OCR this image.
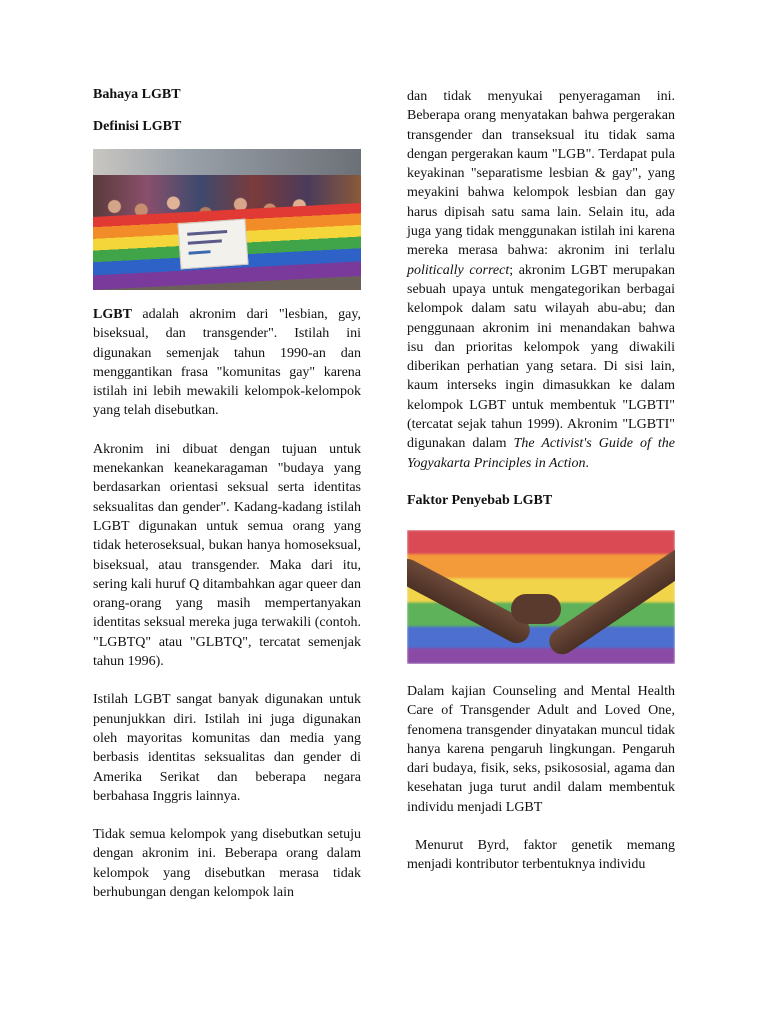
Bahaya LGBT
Definisi LGBT

LGBT adalah akronim dari "lesbian, gay, biseksual, dan transgender". Istilah ini digunakan semenjak tahun 1990-an dan menggantikan frasa "komunitas gay" karena istilah ini lebih mewakili kelompok-kelompok yang telah disebutkan.

Akronim ini dibuat dengan tujuan untuk menekankan keanekaragaman "budaya yang berdasarkan orientasi seksual serta identitas seksualitas dan gender". Kadang-kadang istilah LGBT digunakan untuk semua orang yang tidak heteroseksual, bukan hanya homoseksual, biseksual, atau transgender. Maka dari itu, sering kali huruf Q ditambahkan agar queer dan orang-orang yang masih mempertanyakan identitas seksual mereka juga terwakili (contoh. "LGBTQ" atau "GLBTQ", tercatat semenjak tahun 1996).

Istilah LGBT sangat banyak digunakan untuk penunjukkan diri. Istilah ini juga digunakan oleh mayoritas komunitas dan media yang berbasis identitas seksualitas dan gender di Amerika Serikat dan beberapa negara berbahasa Inggris lainnya.

Tidak semua kelompok yang disebutkan setuju dengan akronim ini. Beberapa orang dalam kelompok yang disebutkan merasa tidak berhubungan dengan kelompok lain

dan tidak menyukai penyeragaman ini. Beberapa orang menyatakan bahwa pergerakan transgender dan transeksual itu tidak sama dengan pergerakan kaum "LGB". Terdapat pula keyakinan "separatisme lesbian & gay", yang meyakini bahwa kelompok lesbian dan gay harus dipisah satu sama lain. Selain itu, ada juga yang tidak menggunakan istilah ini karena mereka merasa bahwa: akronim ini terlalu politically correct; akronim LGBT merupakan sebuah upaya untuk mengategorikan berbagai kelompok dalam satu wilayah abu-abu; dan penggunaan akronim ini menandakan bahwa isu dan prioritas kelompok yang diwakili diberikan perhatian yang setara. Di sisi lain, kaum interseks ingin dimasukkan ke dalam kelompok LGBT untuk membentuk "LGBTI" (tercatat sejak tahun 1999). Akronim "LGBTI" digunakan dalam The Activist's Guide of the Yogyakarta Principles in Action.

Faktor Penyebab LGBT

Dalam kajian Counseling and Mental Health Care of Transgender Adult and Loved One, fenomena transgender dinyatakan muncul tidak hanya karena pengaruh lingkungan. Pengaruh dari budaya, fisik, seks, psikososial, agama dan kesehatan juga turut andil dalam membentuk individu menjadi LGBT

Menurut Byrd, faktor genetik memang menjadi kontributor terbentuknya individu
